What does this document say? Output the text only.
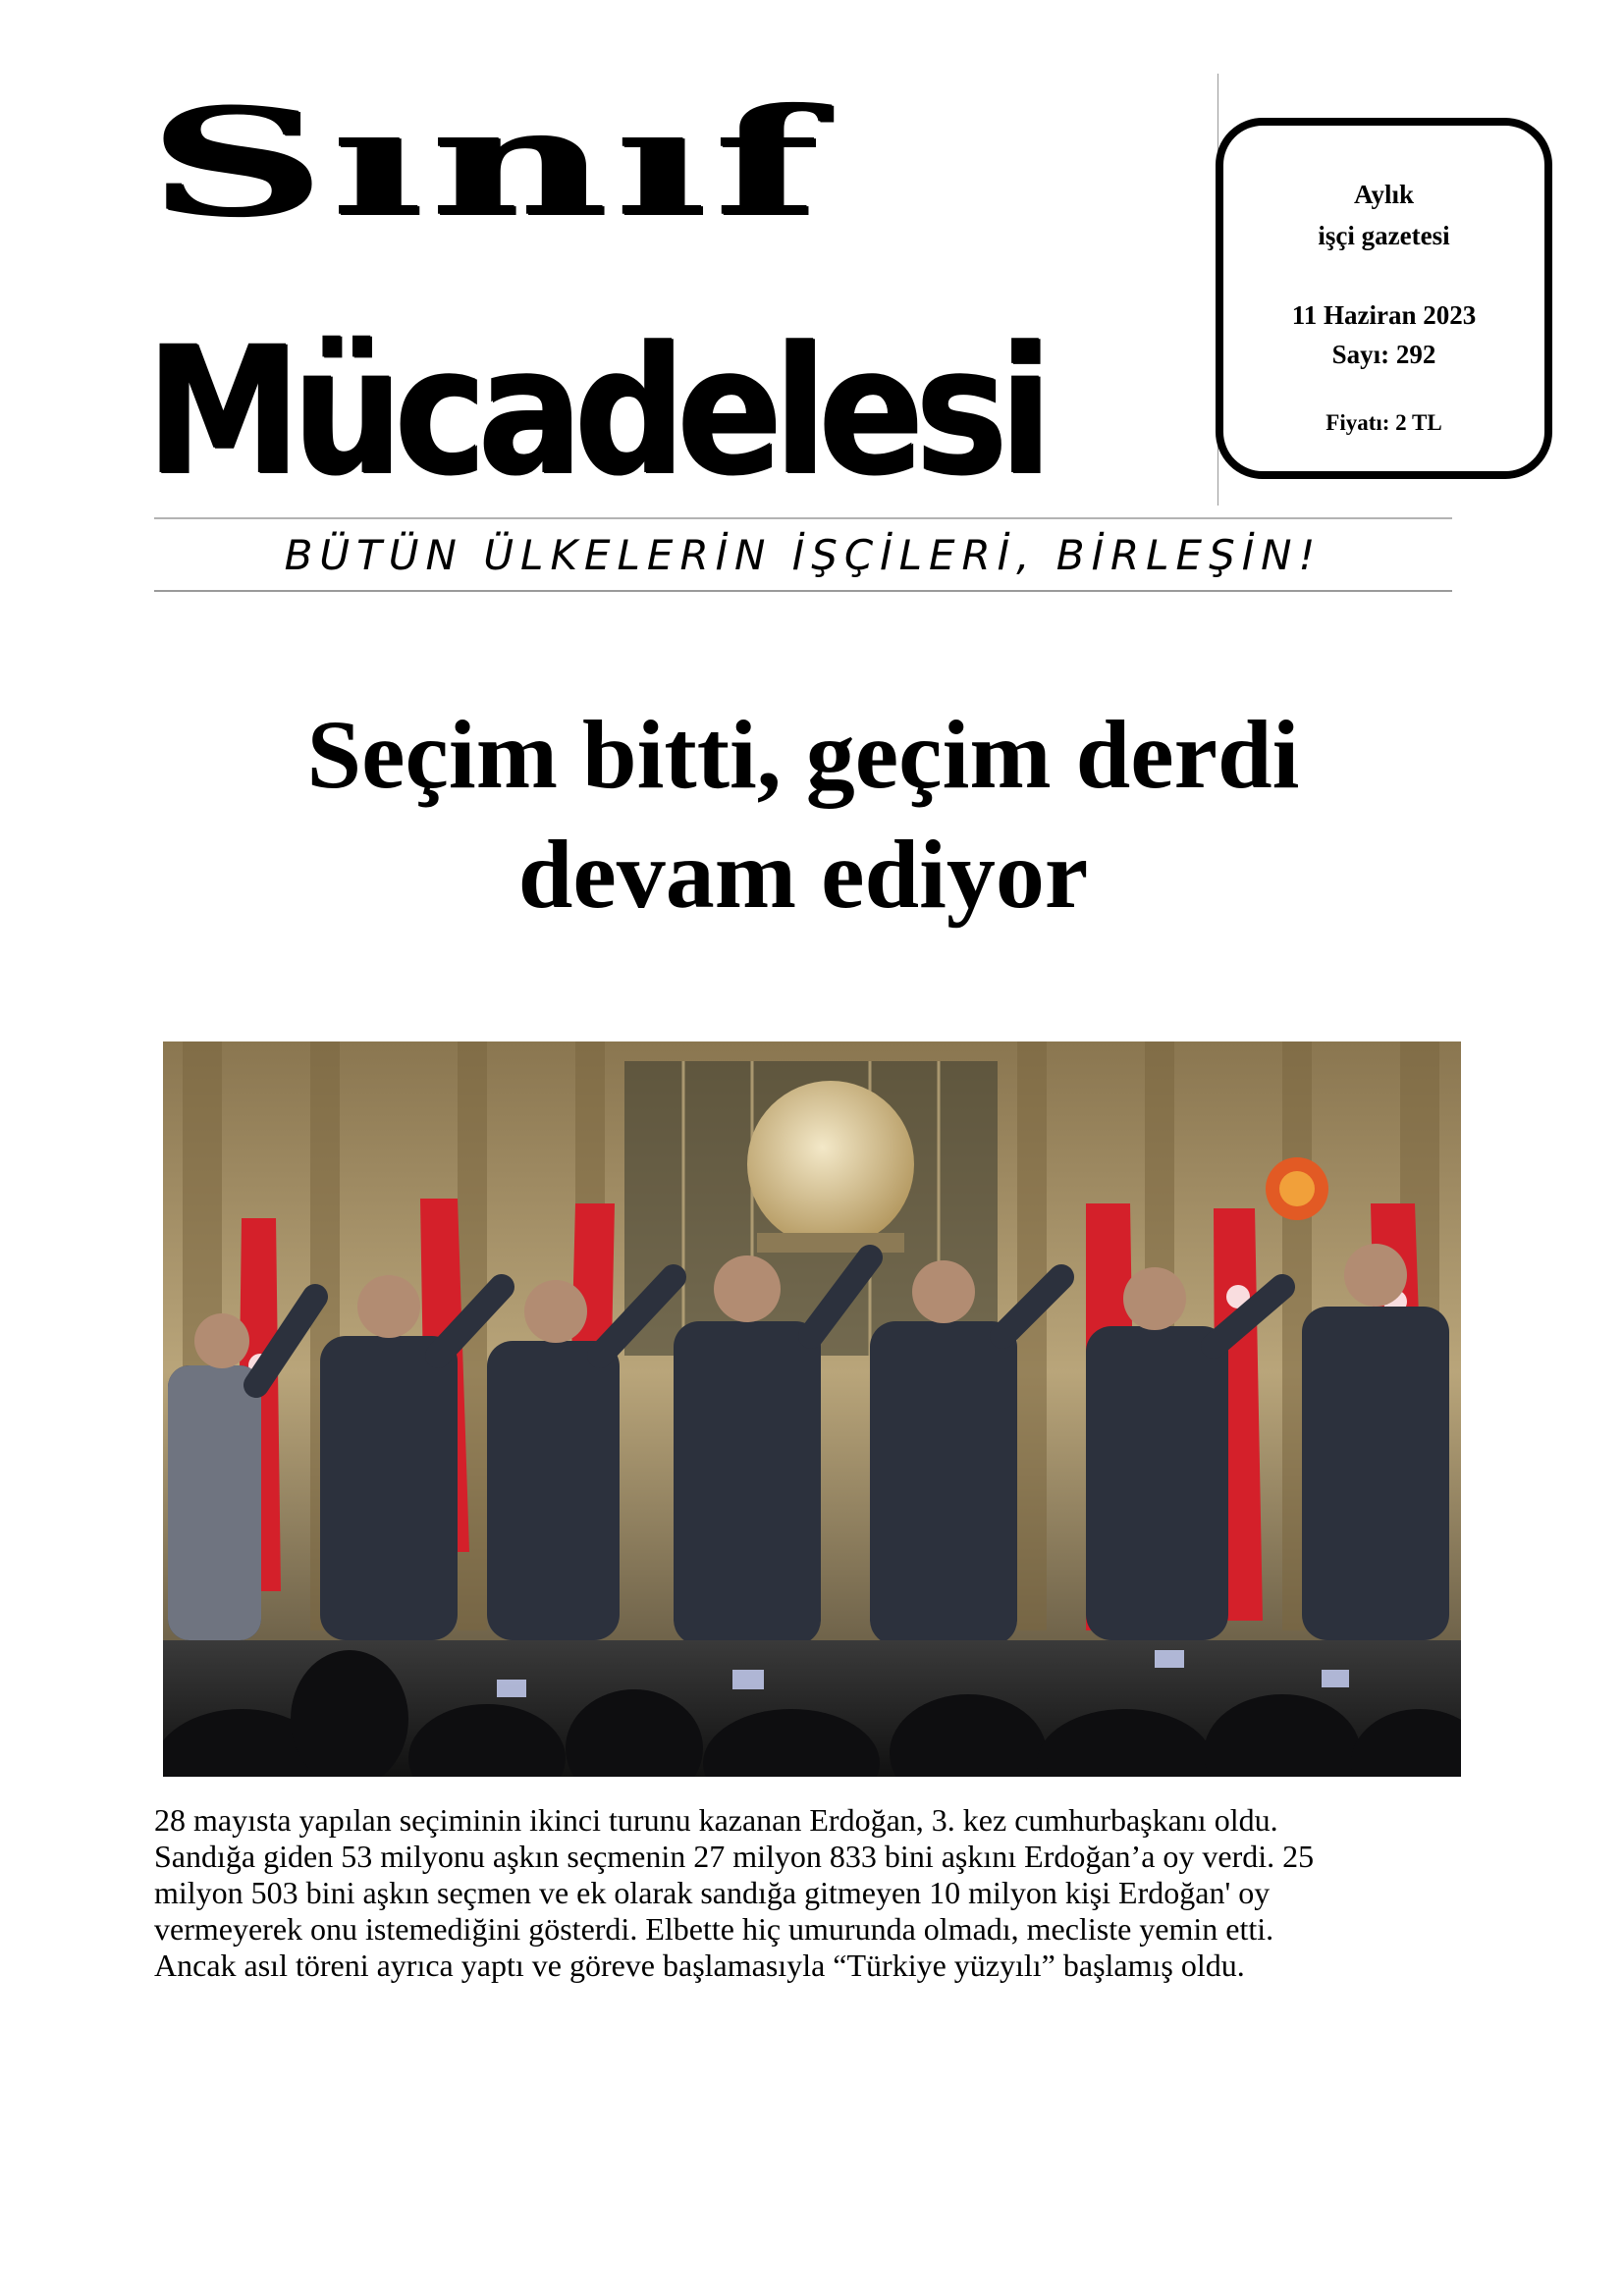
Sınıf
Mücadelesi
Aylık
işçi gazetesi
11 Haziran 2023
Sayı: 292
Fiyatı: 2 TL
BÜTÜN ÜLKELERİN İŞÇİLERİ, BİRLEŞİN!
Seçim bitti, geçim derdi
devam ediyor
28 mayısta yapılan seçiminin ikinci turunu kazanan Erdoğan, 3. kez cumhurbaşkanı oldu.
Sandığa giden 53 milyonu aşkın seçmenin 27 milyon 833 bini aşkını Erdoğan’a oy verdi. 25
milyon 503 bini aşkın seçmen ve ek olarak sandığa gitmeyen 10 milyon kişi Erdoğan' oy
vermeyerek onu istemediğini gösterdi. Elbette hiç umurunda olmadı, mecliste yemin etti.
Ancak asıl töreni ayrıca yaptı ve göreve başlamasıyla “Türkiye yüzyılı” başlamış oldu.
